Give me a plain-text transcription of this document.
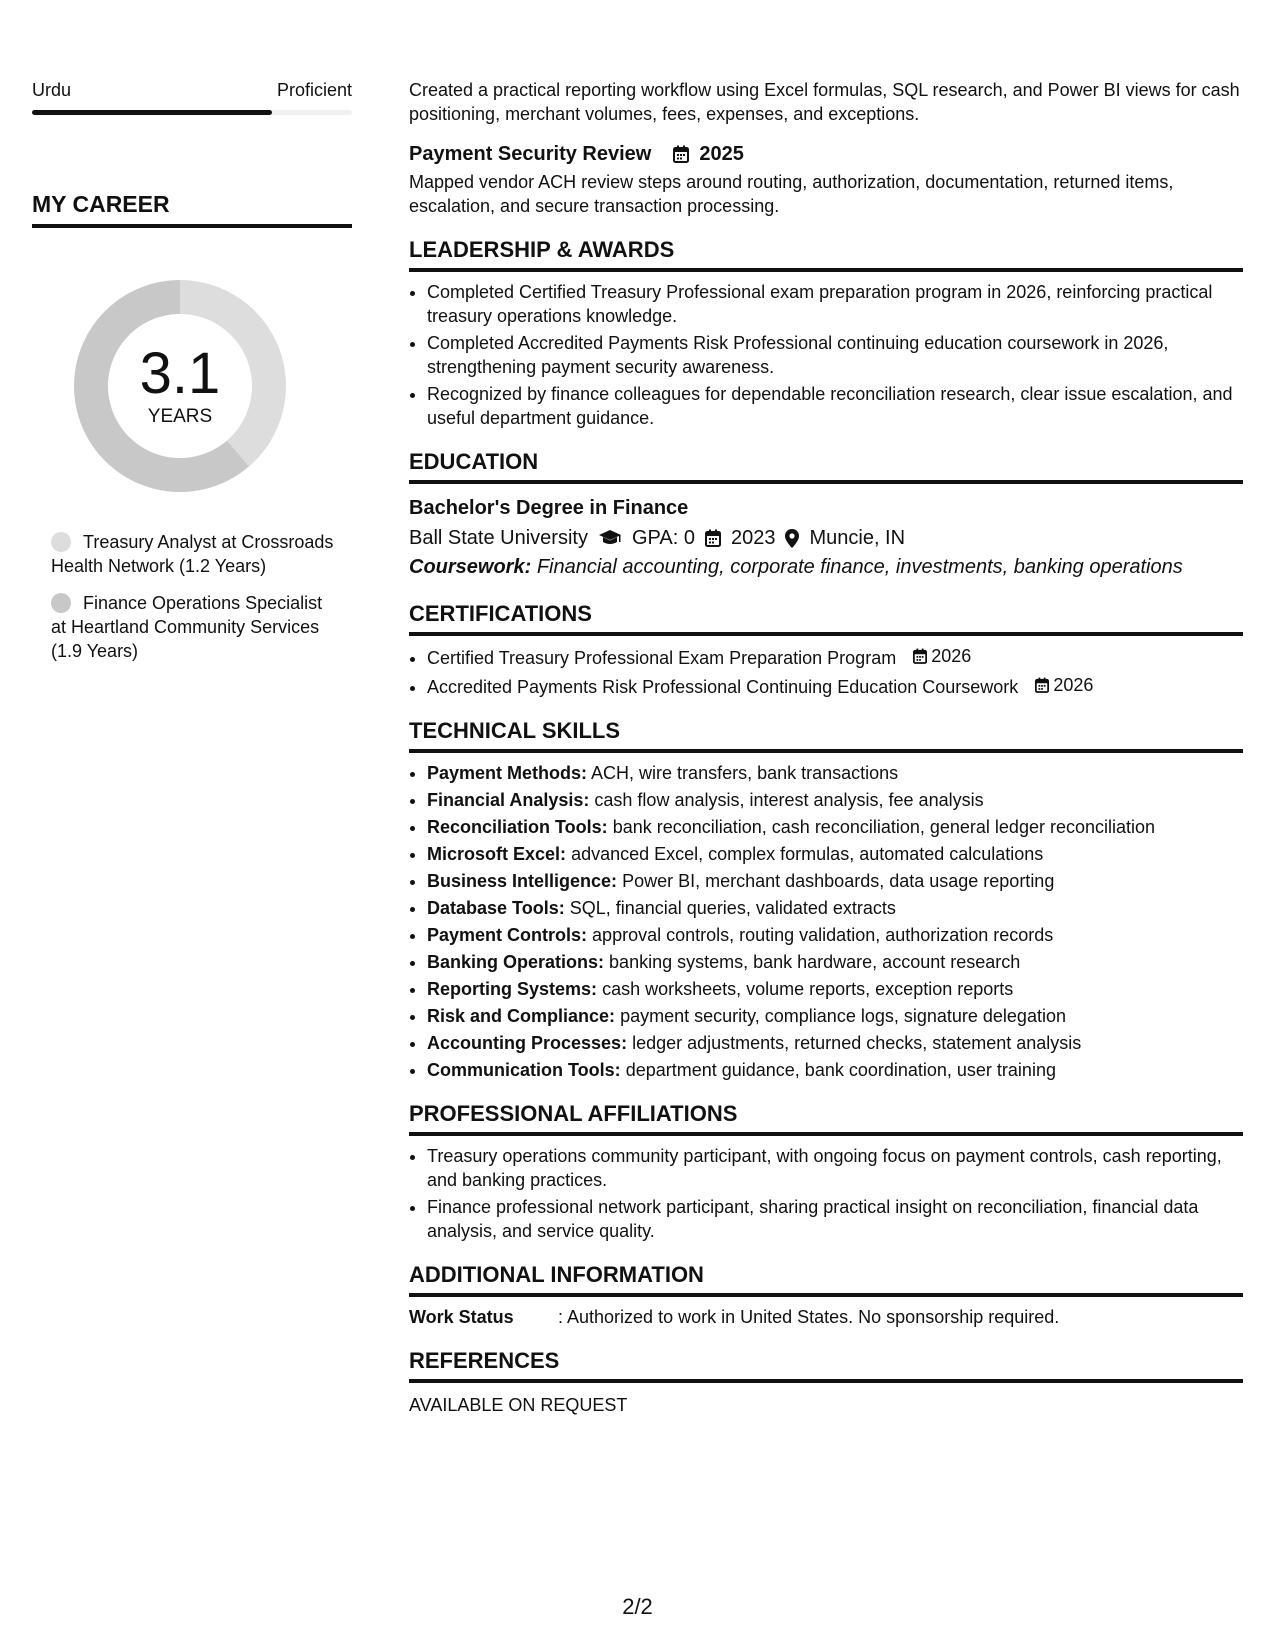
Urdu	Proficient
MY CAREER
3.1
YEARS
Treasury Analyst at Crossroads Health Network (1.2 Years)
Finance Operations Specialist at Heartland Community Services (1.9 Years)
Created a practical reporting workflow using Excel formulas, SQL research, and Power BI views for cash positioning, merchant volumes, fees, expenses, and exceptions.
Payment Security Review 2025
Mapped vendor ACH review steps around routing, authorization, documentation, returned items, escalation, and secure transaction processing.
LEADERSHIP & AWARDS
• Completed Certified Treasury Professional exam preparation program in 2026, reinforcing practical treasury operations knowledge.
• Completed Accredited Payments Risk Professional continuing education coursework in 2026, strengthening payment security awareness.
• Recognized by finance colleagues for dependable reconciliation research, clear issue escalation, and useful department guidance.
EDUCATION
Bachelor's Degree in Finance
Ball State University GPA: 0 2023 Muncie, IN
Coursework: Financial accounting, corporate finance, investments, banking operations
CERTIFICATIONS
• Certified Treasury Professional Exam Preparation Program 2026
• Accredited Payments Risk Professional Continuing Education Coursework 2026
TECHNICAL SKILLS
• Payment Methods: ACH, wire transfers, bank transactions
• Financial Analysis: cash flow analysis, interest analysis, fee analysis
• Reconciliation Tools: bank reconciliation, cash reconciliation, general ledger reconciliation
• Microsoft Excel: advanced Excel, complex formulas, automated calculations
• Business Intelligence: Power BI, merchant dashboards, data usage reporting
• Database Tools: SQL, financial queries, validated extracts
• Payment Controls: approval controls, routing validation, authorization records
• Banking Operations: banking systems, bank hardware, account research
• Reporting Systems: cash worksheets, volume reports, exception reports
• Risk and Compliance: payment security, compliance logs, signature delegation
• Accounting Processes: ledger adjustments, returned checks, statement analysis
• Communication Tools: department guidance, bank coordination, user training
PROFESSIONAL AFFILIATIONS
• Treasury operations community participant, with ongoing focus on payment controls, cash reporting, and banking practices.
• Finance professional network participant, sharing practical insight on reconciliation, financial data analysis, and service quality.
ADDITIONAL INFORMATION
Work Status	: Authorized to work in United States. No sponsorship required.
REFERENCES
AVAILABLE ON REQUEST
2/2
